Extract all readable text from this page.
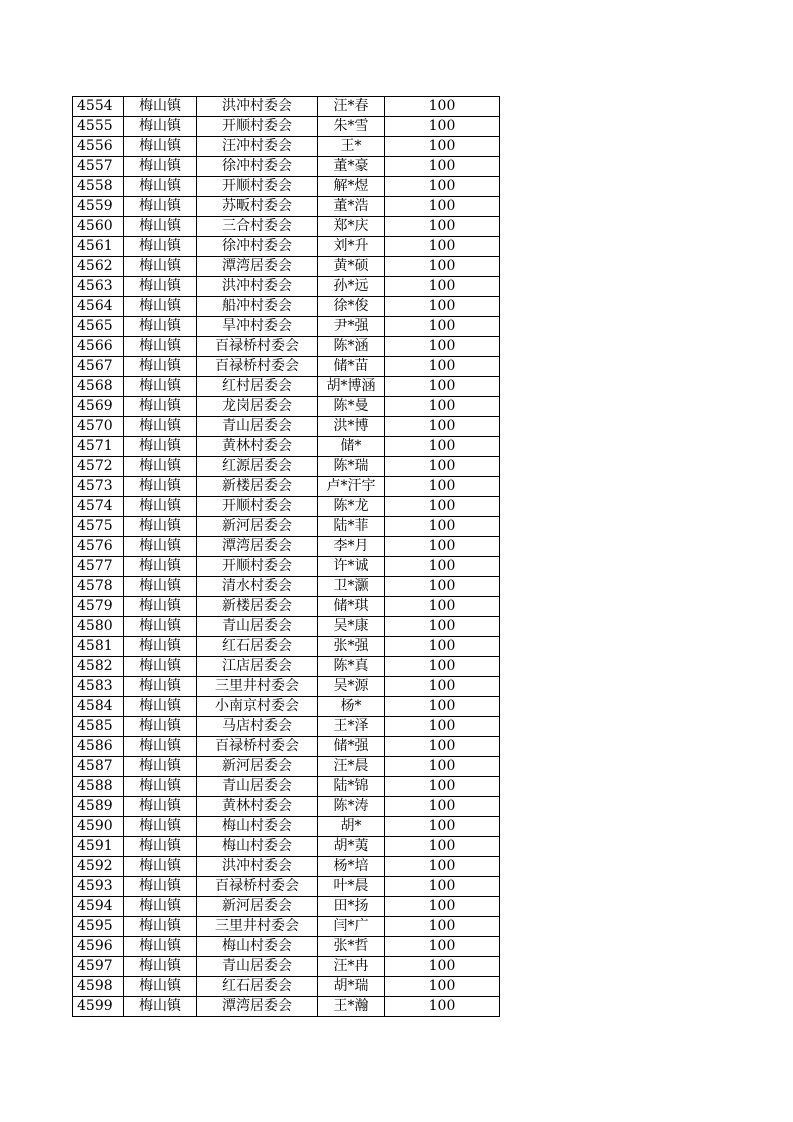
4554	梅山镇	洪冲村委会	汪*春	100
4555	梅山镇	开顺村委会	朱*雪	100
4556	梅山镇	汪冲村委会	王*	100
4557	梅山镇	徐冲村委会	董*豪	100
4558	梅山镇	开顺村委会	解*煜	100
4559	梅山镇	苏畈村委会	董*浩	100
4560	梅山镇	三合村委会	郑*庆	100
4561	梅山镇	徐冲村委会	刘*升	100
4562	梅山镇	潭湾居委会	黄*硕	100
4563	梅山镇	洪冲村委会	孙*远	100
4564	梅山镇	船冲村委会	徐*俊	100
4565	梅山镇	旱冲村委会	尹*强	100
4566	梅山镇	百禄桥村委会	陈*涵	100
4567	梅山镇	百禄桥村委会	储*苗	100
4568	梅山镇	红村居委会	胡*博涵	100
4569	梅山镇	龙岗居委会	陈*曼	100
4570	梅山镇	青山居委会	洪*博	100
4571	梅山镇	黄林村委会	储*	100
4572	梅山镇	红源居委会	陈*瑞	100
4573	梅山镇	新楼居委会	卢*汗宇	100
4574	梅山镇	开顺村委会	陈*龙	100
4575	梅山镇	新河居委会	陆*菲	100
4576	梅山镇	潭湾居委会	李*月	100
4577	梅山镇	开顺村委会	许*诚	100
4578	梅山镇	清水村委会	卫*灏	100
4579	梅山镇	新楼居委会	储*琪	100
4580	梅山镇	青山居委会	吴*康	100
4581	梅山镇	红石居委会	张*强	100
4582	梅山镇	江店居委会	陈*真	100
4583	梅山镇	三里井村委会	吴*源	100
4584	梅山镇	小南京村委会	杨*	100
4585	梅山镇	马店村委会	王*泽	100
4586	梅山镇	百禄桥村委会	储*强	100
4587	梅山镇	新河居委会	汪*晨	100
4588	梅山镇	青山居委会	陆*锦	100
4589	梅山镇	黄林村委会	陈*涛	100
4590	梅山镇	梅山村委会	胡*	100
4591	梅山镇	梅山村委会	胡*荑	100
4592	梅山镇	洪冲村委会	杨*培	100
4593	梅山镇	百禄桥村委会	叶*晨	100
4594	梅山镇	新河居委会	田*扬	100
4595	梅山镇	三里井村委会	闫*广	100
4596	梅山镇	梅山村委会	张*哲	100
4597	梅山镇	青山居委会	汪*冉	100
4598	梅山镇	红石居委会	胡*瑞	100
4599	梅山镇	潭湾居委会	王*瀚	100
